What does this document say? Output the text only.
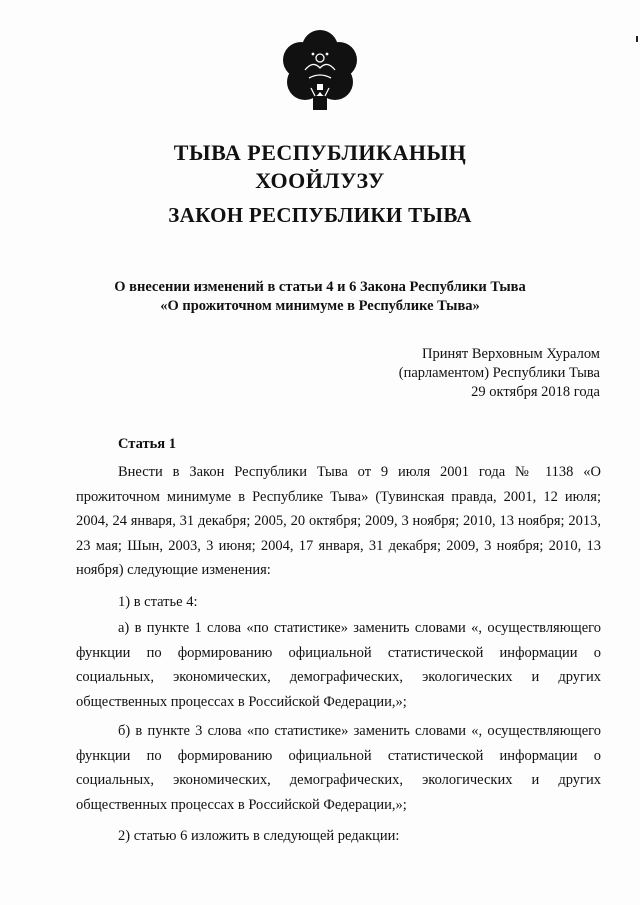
ТЫВА РЕСПУБЛИКАНЫҢ
ХООЙЛУЗУ
ЗАКОН РЕСПУБЛИКИ ТЫВА
О внесении изменений в статьи 4 и 6 Закона Республики Тыва
«О прожиточном минимуме в Республике Тыва»
Принят Верховным Хуралом
(парламентом) Республики Тыва
29 октября 2018 года
Статья 1

Внести в Закон Республики Тыва от 9 июля 2001 года № 1138 «О прожиточном минимуме в Республике Тыва» (Тувинская правда, 2001, 12 июля; 2004, 24 января, 31 декабря; 2005, 20 октября; 2009, 3 ноября; 2010, 13 ноября; 2013, 23 мая; Шын, 2003, 3 июня; 2004, 17 января, 31 декабря; 2009, 3 ноября; 2010, 13 ноября) следующие изменения:

1) в статье 4:

а) в пункте 1 слова «по статистике» заменить словами «, осуществляющего функции по формированию официальной статистической информации о социальных, экономических, демографических, экологических и других общественных процессах в Российской Федерации,»;

б) в пункте 3 слова «по статистике» заменить словами «, осуществляющего функции по формированию официальной статистической информации о социальных, экономических, демографических, экологических и других общественных процессах в Российской Федерации,»;

2) статью 6 изложить в следующей редакции:
